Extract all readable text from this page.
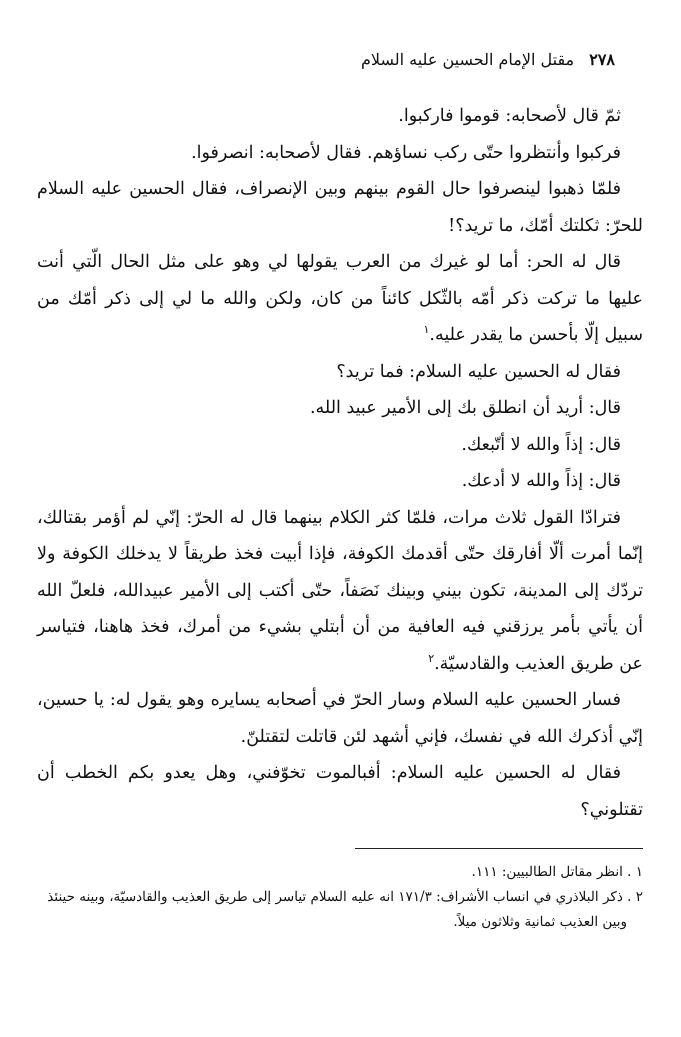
٢٧٨ مقتل الإمام الحسين عليه السلام

ثمّ قال لأصحابه: قوموا فاركبوا.

فركبوا وأنتظروا حتّى ركب نساؤهم. فقال لأصحابه: انصرفوا.

فلمّا ذهبوا لينصرفوا حال القوم بينهم وبين الإنصراف، فقال الحسين عليه السلام للحرّ: ثكلتك أمّك، ما تريد؟!

قال له الحر: أما لو غيرك من العرب يقولها لي وهو على مثل الحال الّتي أنت عليها ما تركت ذكر أمّه بالثّكل كائناً من كان، ولكن والله ما لي إلى ذكر أمّك من سبيل إلّا بأحسن ما يقدر عليه.$^١$

فقال له الحسين عليه السلام: فما تريد؟

قال: أريد أن انطلق بك إلى الأمير عبيد الله.

قال: إذاً والله لا أتّبعك.

قال: إذاً والله لا أدعك.

فترادّا القول ثلاث مرات، فلمّا كثر الكلام بينهما قال له الحرّ: إنّي لم أؤمر بقتالك، إنّما أمرت ألّا أفارقك حتّى أقدمك الكوفة، فإذا أبيت فخذ طريقاً لا يدخلك الكوفة ولا تردّك إلى المدينة، تكون بيني وبينك نَصَفاً، حتّى أكتب إلى الأمير عبيدالله، فلعلّ الله أن يأتي بأمر يرزقني فيه العافية من أن أبتلي بشيء من أمرك، فخذ هاهنا، فتياسر عن طريق العذيب والقادسيّة.$^٢$

فسار الحسين عليه السلام وسار الحرّ في أصحابه يسايره وهو يقول له: يا حسين، إنّي أذكرك الله في نفسك، فإني أشهد لئن قاتلت لتقتلنّ.

فقال له الحسين عليه السلام: أفبالموت تخوّفني، وهل يعدو بكم الخطب أن تقتلوني؟

١ . انظر مقاتل الطالبيين: ١١١.

٢ . ذكر البلاذري في انساب الأشراف: ١٧١/٣ انه عليه السلام تياسر إلى طريق العذيب والقادسيّة، وبينه حينئذ وبين العذيب ثمانية وثلاثون ميلاً.
